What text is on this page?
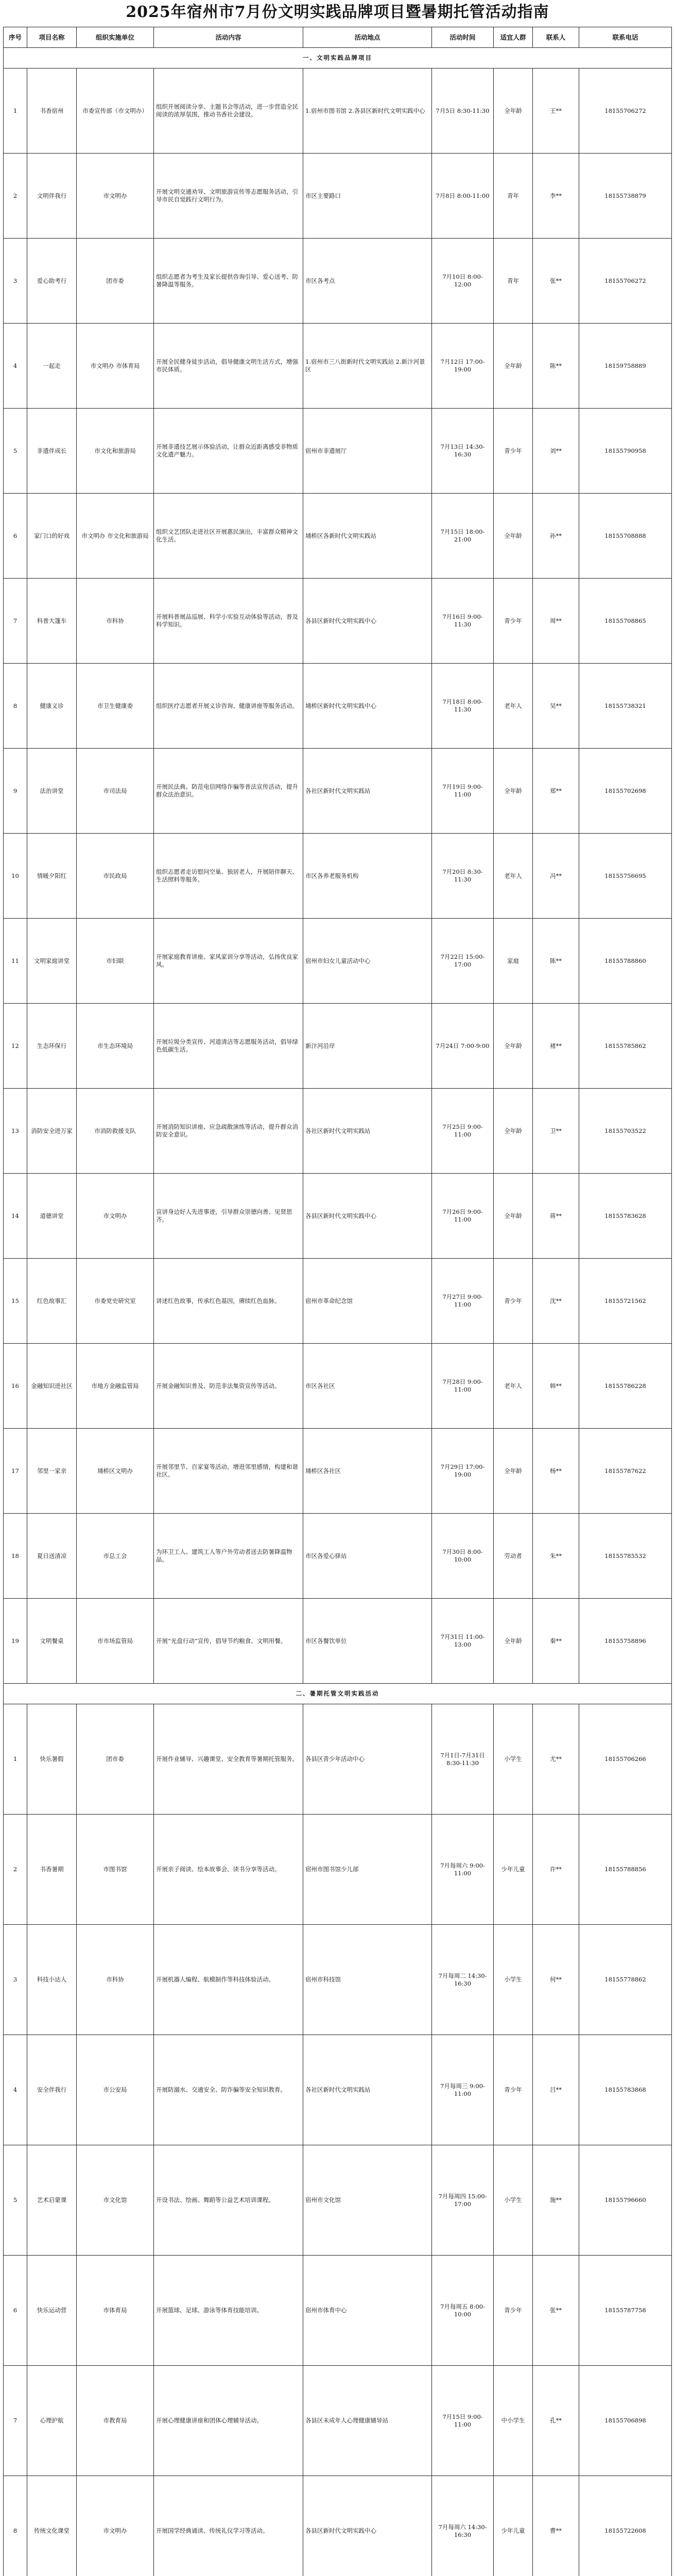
2025年宿州市7月份文明实践品牌项目暨暑期托管活动指南
序号	项目名称	组织实施单位	活动内容	活动地点	活动时间	适宜人群	联系人	联系电话
一、文明实践品牌项目								
1	书香宿州	市委宣传部（市文明办）	组织开展阅读分享、主题书会等活动，进一步营造全民阅读的浓厚氛围，推动书香社会建设。	1.宿州市图书馆 2.各县区新时代文明实践中心	7月5日 8:30-11:30	全年龄	王**	18155706272
2	文明伴我行	市文明办	开展文明交通劝导、文明旅游宣传等志愿服务活动，引导市民自觉践行文明行为。	市区主要路口	7月8日 8:00-11:00	青年	李**	18155738879
3	爱心助考行	团市委	组织志愿者为考生及家长提供咨询引导、爱心送考、防暑降温等服务。	市区各考点	7月10日 8:00-12:00	青年	张**	18155706272
4	一起走	市文明办 市体育局	开展全民健身徒步活动，倡导健康文明生活方式，增强市民体质。	1.宿州市三八街新时代文明实践站 2.新汴河景区	7月12日 17:00-19:00	全年龄	陈**	18159758889
5	非遗伴成长	市文化和旅游局	开展非遗技艺展示体验活动，让群众近距离感受非物质文化遗产魅力。	宿州市非遗展厅	7月13日 14:30-16:30	青少年	刘**	18155790958
6	家门口的好戏	市文明办 市文化和旅游局	组织文艺团队走进社区开展惠民演出，丰富群众精神文化生活。	埇桥区各新时代文明实践站	7月15日 18:00-21:00	全年龄	孙**	18155708888
7	科普大篷车	市科协	开展科普展品巡展、科学小实验互动体验等活动，普及科学知识。	各县区新时代文明实践中心	7月16日 9:00-11:30	青少年	周**	18155708865
8	健康义诊	市卫生健康委	组织医疗志愿者开展义诊咨询、健康讲座等服务活动。	埇桥区新时代文明实践中心	7月18日 8:00-11:30	老年人	吴**	18155738321
9	法治讲堂	市司法局	开展民法典、防范电信网络诈骗等普法宣传活动，提升群众法治意识。	各社区新时代文明实践站	7月19日 9:00-11:00	全年龄	郑**	18155702698
10	情暖夕阳红	市民政局	组织志愿者走访慰问空巢、独居老人，开展陪伴聊天、生活照料等服务。	市区各养老服务机构	7月20日 8:30-11:30	老年人	冯**	18155756695
11	文明家庭讲堂	市妇联	开展家庭教育讲座、家风家训分享等活动，弘扬优良家风。	宿州市妇女儿童活动中心	7月22日 15:00-17:00	家庭	陈**	18155788860
12	生态环保行	市生态环境局	开展垃圾分类宣传、河道清洁等志愿服务活动，倡导绿色低碳生活。	新汴河沿岸	7月24日 7:00-9:00	全年龄	褚**	18155785862
13	消防安全进万家	市消防救援支队	开展消防知识讲座、应急疏散演练等活动，提升群众消防安全意识。	各社区新时代文明实践站	7月25日 9:00-11:00	全年龄	卫**	18155703522
14	道德讲堂	市文明办	宣讲身边好人先进事迹，引导群众崇德向善、见贤思齐。	各县区新时代文明实践中心	7月26日 9:00-11:00	全年龄	蒋**	18155783628
15	红色故事汇	市委党史研究室	讲述红色故事，传承红色基因，赓续红色血脉。	宿州市革命纪念馆	7月27日 9:00-11:00	青少年	沈**	18155721562
16	金融知识进社区	市地方金融监管局	开展金融知识普及、防范非法集资宣传等活动。	市区各社区	7月28日 9:00-11:00	老年人	韩**	18155786228
17	邻里一家亲	埇桥区文明办	开展邻里节、百家宴等活动，增进邻里感情，构建和谐社区。	埇桥区各社区	7月29日 17:00-19:00	全年龄	杨**	18155787622
18	夏日送清凉	市总工会	为环卫工人、建筑工人等户外劳动者送去防暑降温物品。	市区各爱心驿站	7月30日 8:00-10:00	劳动者	朱**	18155785532
19	文明餐桌	市市场监管局	开展“光盘行动”宣传，倡导节约粮食、文明用餐。	市区各餐饮单位	7月31日 11:00-13:00	全年龄	秦**	18155758896
二、暑期托管文明实践活动								
1	快乐暑假	团市委	开展作业辅导、兴趣课堂、安全教育等暑期托管服务。	各县区青少年活动中心	7月1日-7月31日 8:30-11:30	小学生	尤**	18155706266
2	书香暑期	市图书馆	开展亲子阅读、绘本故事会、读书分享等活动。	宿州市图书馆少儿部	7月每周六 9:00-11:00	少年儿童	许**	18155788856
3	科技小达人	市科协	开展机器人编程、航模制作等科技体验活动。	宿州市科技馆	7月每周二 14:30-16:30	小学生	何**	18155778862
4	安全伴我行	市公安局	开展防溺水、交通安全、防诈骗等安全知识教育。	各社区新时代文明实践站	7月每周三 9:00-11:00	青少年	吕**	18155783868
5	艺术启蒙课	市文化馆	开设书法、绘画、舞蹈等公益艺术培训课程。	宿州市文化馆	7月每周四 15:00-17:00	小学生	施**	18155796660
6	快乐运动营	市体育局	开展篮球、足球、游泳等体育技能培训。	宿州市体育中心	7月每周五 8:00-10:00	青少年	张**	18155787758
7	心理护航	市教育局	开展心理健康讲座和团体心理辅导活动。	各县区未成年人心理健康辅导站	7月15日 9:00-11:00	中小学生	孔**	18155706898
8	传统文化课堂	市文明办	开展国学经典诵读、传统礼仪学习等活动。	各县区新时代文明实践中心	7月每周六 14:30-16:30	少年儿童	曹**	18155722608
